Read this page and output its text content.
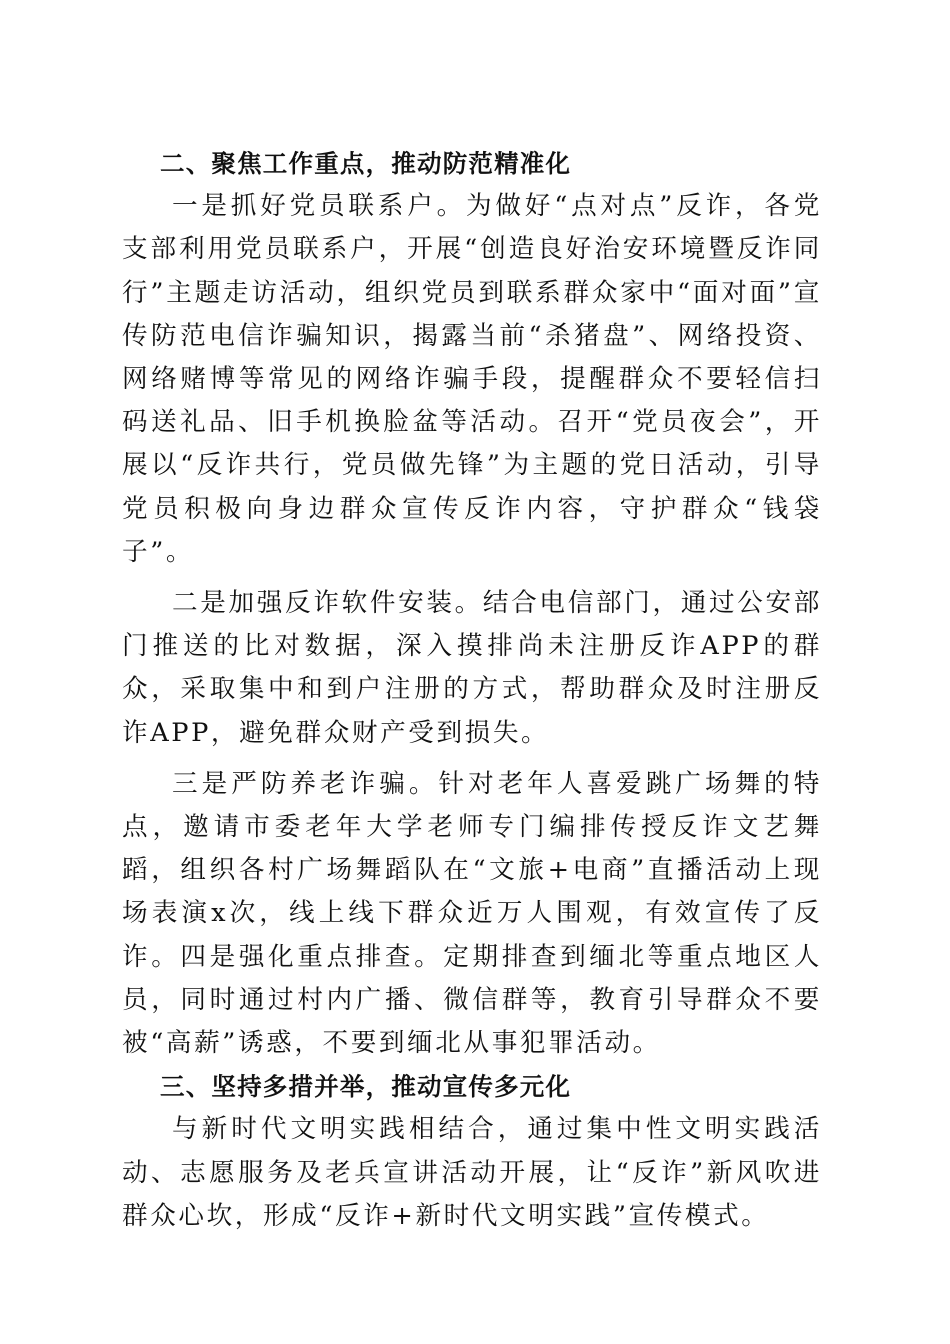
二、聚焦工作重点，推动防范精准化

一是抓好党员联系户。为做好“点对点”反诈，各党支部利用党员联系户，开展“创造良好治安环境暨反诈同行”主题走访活动，组织党员到联系群众家中“面对面”宣传防范电信诈骗知识，揭露当前“杀猪盘”、网络投资、网络赌博等常见的网络诈骗手段，提醒群众不要轻信扫码送礼品、旧手机换脸盆等活动。召开“党员夜会”，开展以“反诈共行，党员做先锋”为主题的党日活动，引导党员积极向身边群众宣传反诈内容，守护群众“钱袋子”。

二是加强反诈软件安装。结合电信部门，通过公安部门推送的比对数据，深入摸排尚未注册反诈APP的群众，采取集中和到户注册的方式，帮助群众及时注册反诈APP，避免群众财产受到损失。

三是严防养老诈骗。针对老年人喜爱跳广场舞的特点，邀请市委老年大学老师专门编排传授反诈文艺舞蹈，组织各村广场舞蹈队在“文旅+电商”直播活动上现场表演x次，线上线下群众近万人围观，有效宣传了反诈。四是强化重点排查。定期排查到缅北等重点地区人员，同时通过村内广播、微信群等，教育引导群众不要被“高薪”诱惑，不要到缅北从事犯罪活动。

三、坚持多措并举，推动宣传多元化

与新时代文明实践相结合，通过集中性文明实践活动、志愿服务及老兵宣讲活动开展，让“反诈”新风吹进群众心坎，形成“反诈+新时代文明实践”宣传模式。
